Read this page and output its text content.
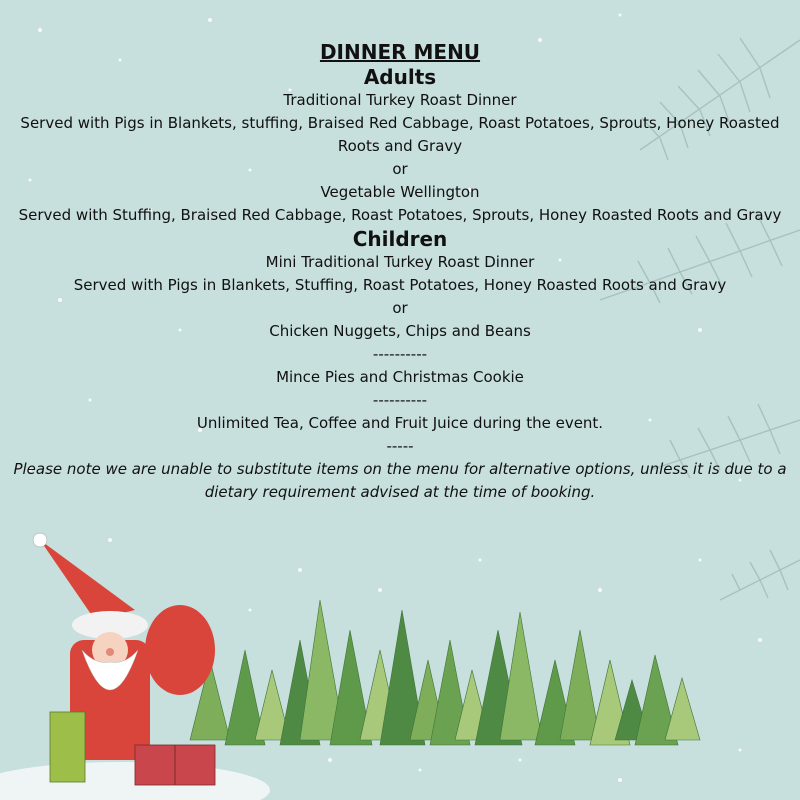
DINNER MENU
Adults
Traditional Turkey Roast Dinner
Served with Pigs in Blankets, stuffing, Braised Red Cabbage, Roast Potatoes, Sprouts, Honey Roasted Roots and Gravy
or
Vegetable Wellington
Served with Stuffing, Braised Red Cabbage, Roast Potatoes, Sprouts, Honey Roasted Roots and Gravy
Children
Mini Traditional Turkey Roast Dinner
Served with Pigs in Blankets, Stuffing, Roast Potatoes, Honey Roasted Roots and Gravy
or
Chicken Nuggets, Chips and Beans
----------
Mince Pies and Christmas Cookie
----------
Unlimited Tea, Coffee and Fruit Juice during the event.
-----
Please note we are unable to substitute items on the menu for alternative options, unless it is due to a dietary requirement advised at the time of booking.
